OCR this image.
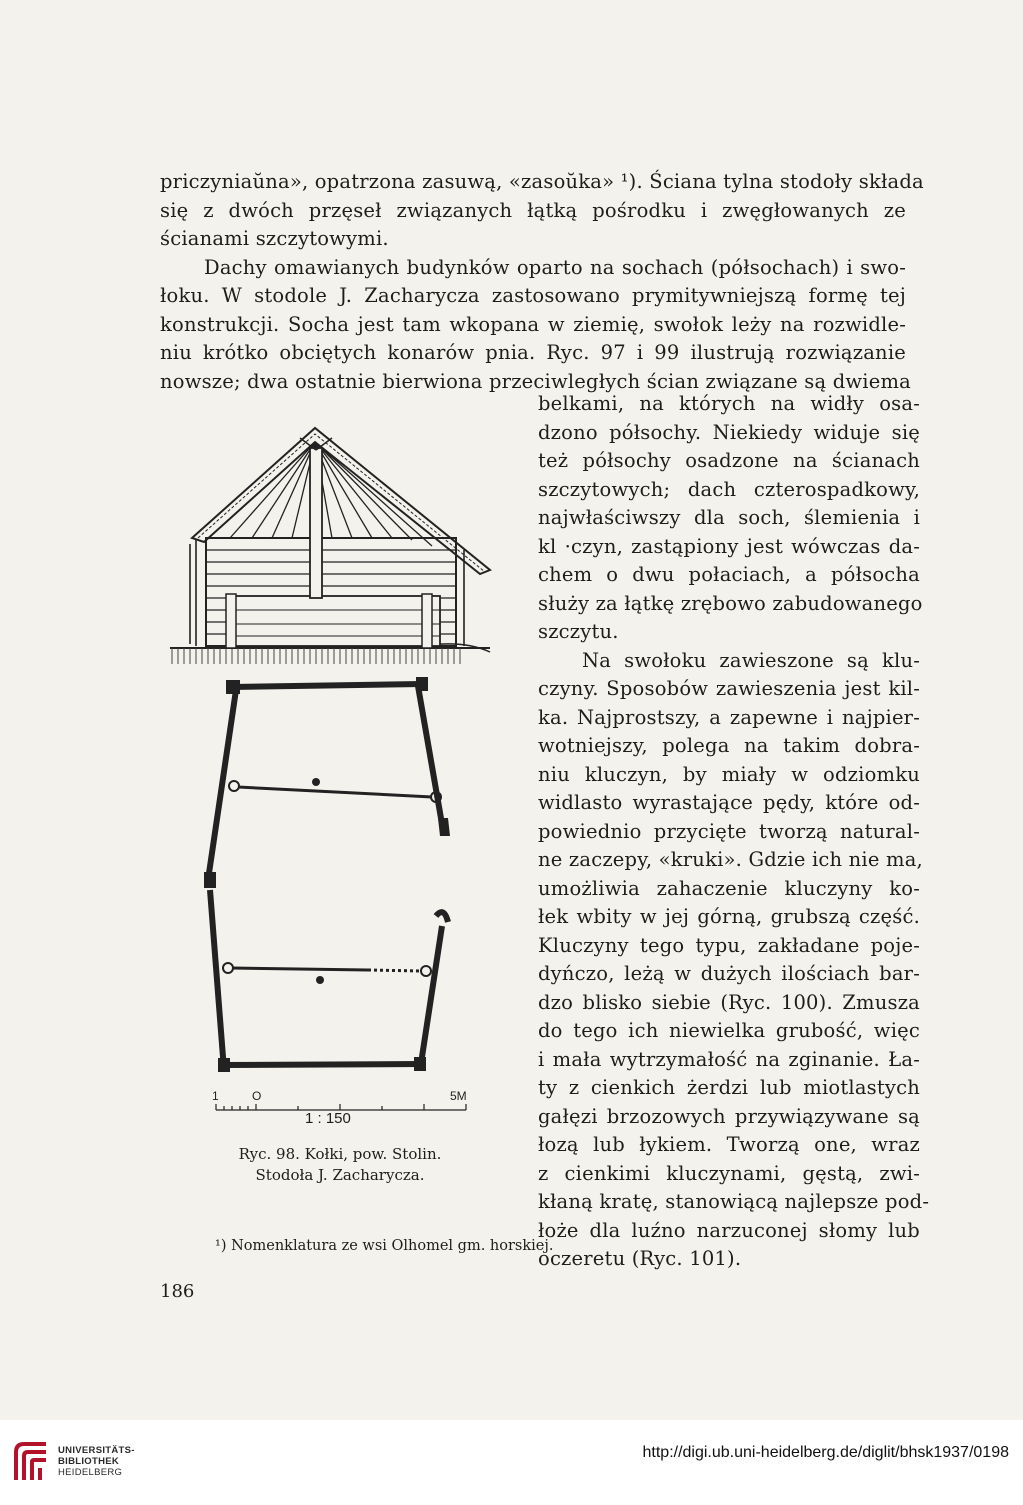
priczyniaŭna», opatrzona zasuwą, «zasoŭka» ¹). Ściana tylna stodoły składa
się z dwóch przęseł związanych łątką pośrodku i zwęgłowanych ze
ścianami szczytowymi.
Dachy omawianych budynków oparto na sochach (półsochach) i swo-
łoku. W stodole J. Zacharycza zastosowano prymitywniejszą formę tej
konstrukcji. Socha jest tam wkopana w ziemię, swołok leży na rozwidle-
niu krótko obciętych konarów pnia. Ryc. 97 i 99 ilustrują rozwiązanie
nowsze; dwa ostatnie bierwiona przeciwległych ścian związane są dwiema
belkami, na których na widły osa-
dzono półsochy. Niekiedy widuje się
też półsochy osadzone na ścianach
szczytowych; dach czterospadkowy,
najwłaściwszy dla soch, ślemienia i
kl ·czyn, zastąpiony jest wówczas da-
chem o dwu połaciach, a półsocha
służy za łątkę zrębowo zabudowanego
szczytu.
Na swołoku zawieszone są klu-
czyny. Sposobów zawieszenia jest kil-
ka. Najprostszy, a zapewne i najpier-
wotniejszy, polega na takim dobra-
niu kluczyn, by miały w odziomku
widlasto wyrastające pędy, które od-
powiednio przycięte tworzą natural-
ne zaczepy, «kruki». Gdzie ich nie ma,
umożliwia zahaczenie kluczyny ko-
łek wbity w jej górną, grubszą część.
Kluczyny tego typu, zakładane poje-
dyńczo, leżą w dużych ilościach bar-
dzo blisko siebie (Ryc. 100). Zmusza
do tego ich niewielka grubość, więc
i mała wytrzymałość na zginanie. Ła-
ty z cienkich żerdzi lub miotlastych
gałęzi brzozowych przywiązywane są
łozą lub łykiem. Tworzą one, wraz
z cienkimi kluczynami, gęstą, zwi-
kłaną kratę, stanowiącą najlepsze pod-
łoże dla luźno narzuconej słomy lub
oczeretu (Ryc. 101).
1	O	5M
1 : 150
Ryc. 98. Kołki, pow. Stolin.
Stodoła J. Zacharycza.
¹) Nomenklatura ze wsi Olhomel gm. horskiej.
186
UNIVERSITÄTS-
BIBLIOTHEK
HEIDELBERG
http://digi.ub.uni-heidelberg.de/diglit/bhsk1937/0198
